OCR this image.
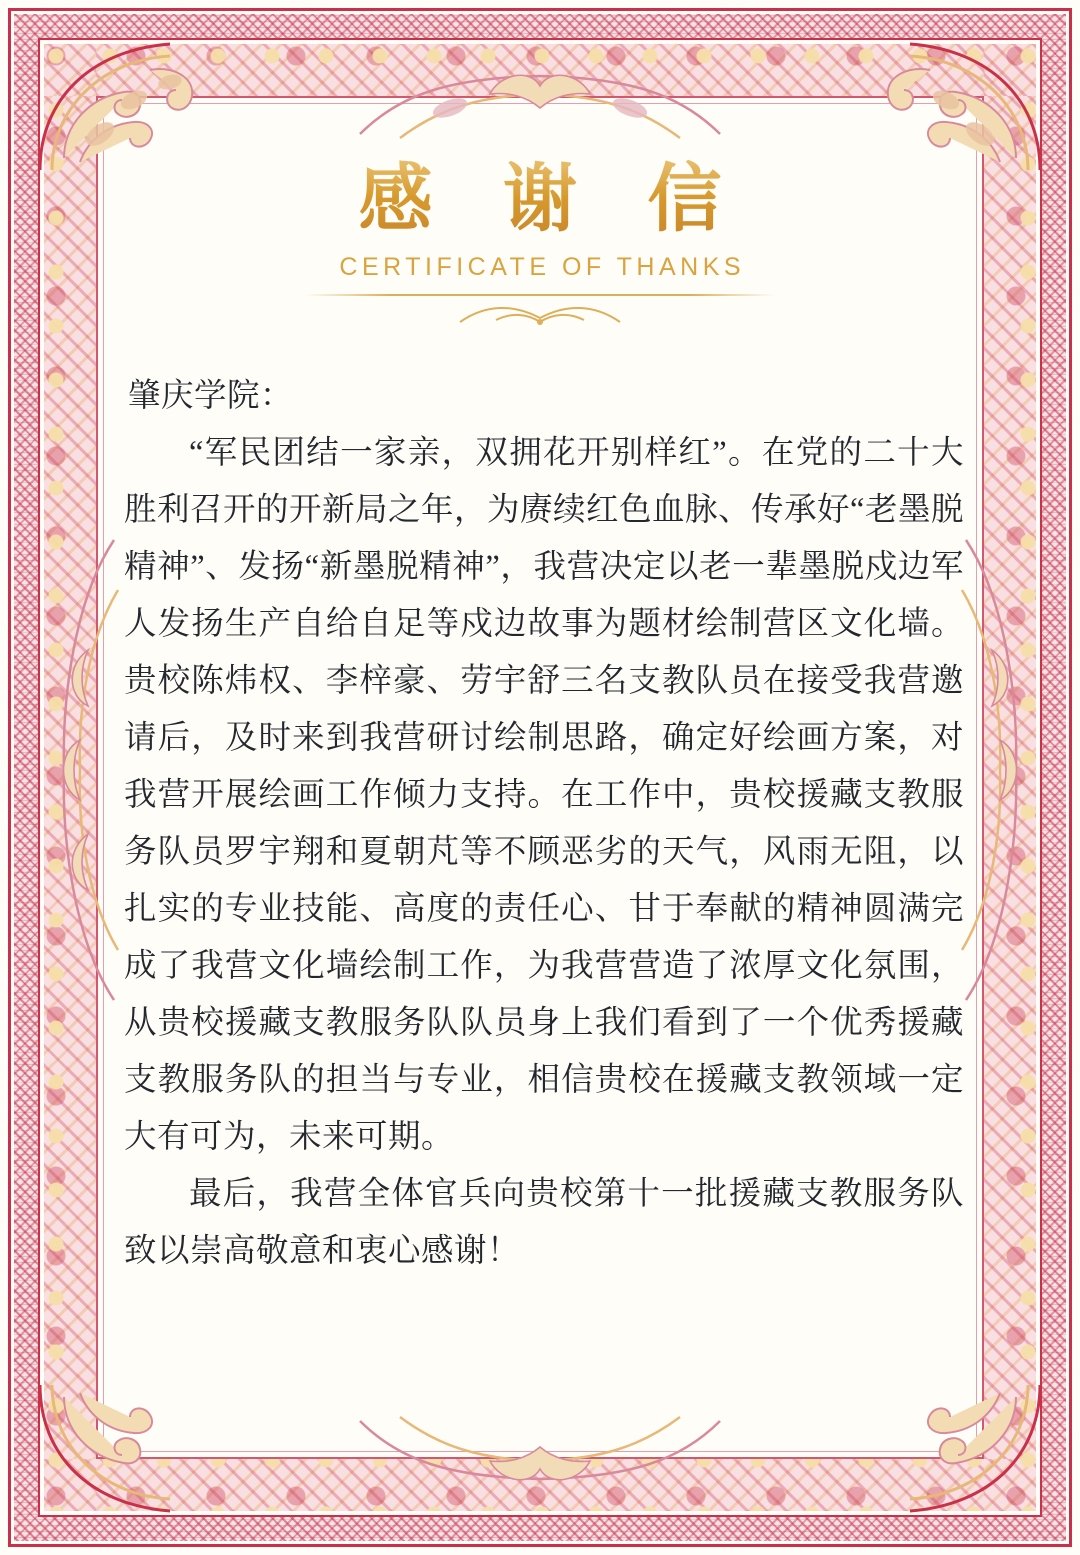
感 谢 信
CERTIFICATE OF THANKS

肇庆学院：

“军民团结一家亲，双拥花开别样红”。在党的二十大胜利召开的开新局之年，为赓续红色血脉、传承好“老墨脱精神”、发扬“新墨脱精神”，我营决定以老一辈墨脱戍边军人发扬生产自给自足等戍边故事为题材绘制营区文化墙。贵校陈炜权、李梓豪、劳宇舒三名支教队员在接受我营邀请后，及时来到我营研讨绘制思路，确定好绘画方案，对我营开展绘画工作倾力支持。在工作中，贵校援藏支教服务队员罗宇翔和夏朝芃等不顾恶劣的天气，风雨无阻，以扎实的专业技能、高度的责任心、甘于奉献的精神圆满完成了我营文化墙绘制工作，为我营营造了浓厚文化氛围，从贵校援藏支教服务队队员身上我们看到了一个优秀援藏支教服务队的担当与专业，相信贵校在援藏支教领域一定大有可为，未来可期。

最后，我营全体官兵向贵校第十一批援藏支教服务队致以崇高敬意和衷心感谢！
